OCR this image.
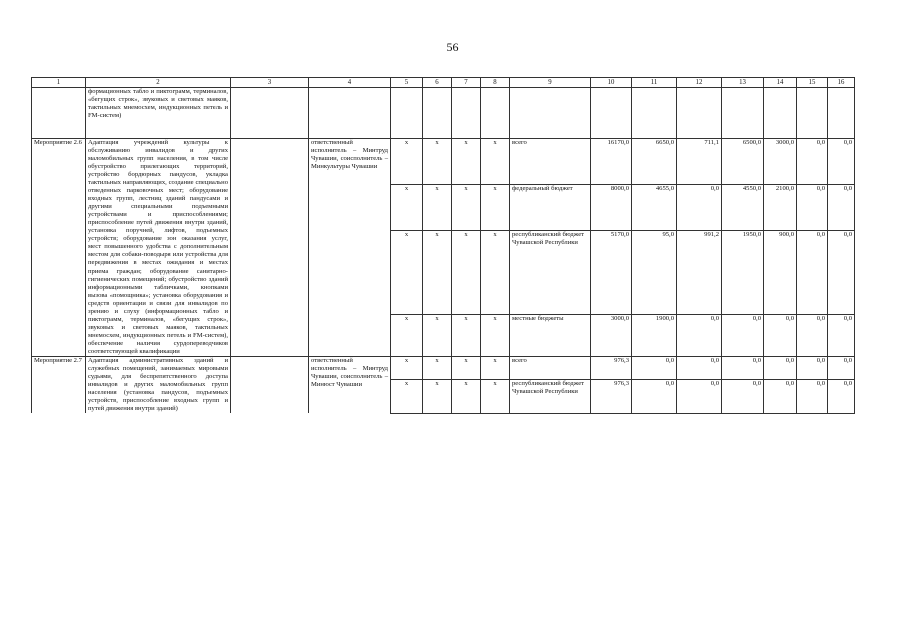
56
1	2	3	4	5	6	7	8	9	10	11	12	13	14	15	16
	формационных табло и пиктограмм, терминалов, «бегущих строк», звуковых и световых маяков, тактильных мнемосхем, индукционных петель и FM-систем)														
Мероприятие 2.6	Адаптация учреждений культуры к обслуживанию инвалидов и других маломобильных групп населения, в том числе обустройство прилегающих территорий, устройство бордюрных пандусов, укладка тактильных направляющих, создание специально отведенных парковочных мест; оборудование входных групп, лестниц зданий пандусами и другими специальными подъемными устройствами и приспособлениями; приспособление путей движения внутри зданий, установка поручней, лифтов, подъемных устройств; оборудование зон оказания услуг, мест повышенного удобства с дополнительным местом для собаки-поводыря или устройства для передвижения в местах ожидания и местах приема граждан; оборудование санитарно-гигиенических помещений; обустройство зданий информационными табличками, кнопками вызова «помощника»; установка оборудования и средств ориентации и связи для инвалидов по зрению и слуху (информационных табло и пиктограмм, терминалов, «бегущих строк», звуковых и световых маяков, тактильных мнемосхем, индукционных петель и FM-систем), обеспечение наличия сурдопереводчиков соответствующей квалификации		ответственный исполнитель – Минтруд Чувашии, соисполнитель – Минкультуры Чувашии	х	х	х	х	всего	16170,0	6650,0	711,1	6500,0	3000,0	0,0	0,0
				х	х	х	х	федеральный бюджет	8000,0	4655,0	0,0	4550,0	2100,0	0,0	0,0
				х	х	х	х	республиканский бюджет Чувашской Республики	5170,0	95,0	991,2	1950,0	900,0	0,0	0,0
				х	х	х	х	местные бюджеты	3000,0	1900,0	0,0	0,0	0,0	0,0	0,0
Мероприятие 2.7	Адаптация административных зданий и служебных помещений, занимаемых мировыми судьями, для беспрепятственного доступа инвалидов и других маломобильных групп населения (установка пандусов, подъемных устройств, приспособление входных групп и путей движения внутри зданий)		ответственный исполнитель – Минтруд Чувашии, соисполнитель – Минюст Чувашии	х	х	х	х	всего	976,3	0,0	0,0	0,0	0,0	0,0	0,0
				х	х	х	х	республиканский бюджет Чувашской Республики	976,3	0,0	0,0	0,0	0,0	0,0	0,0
